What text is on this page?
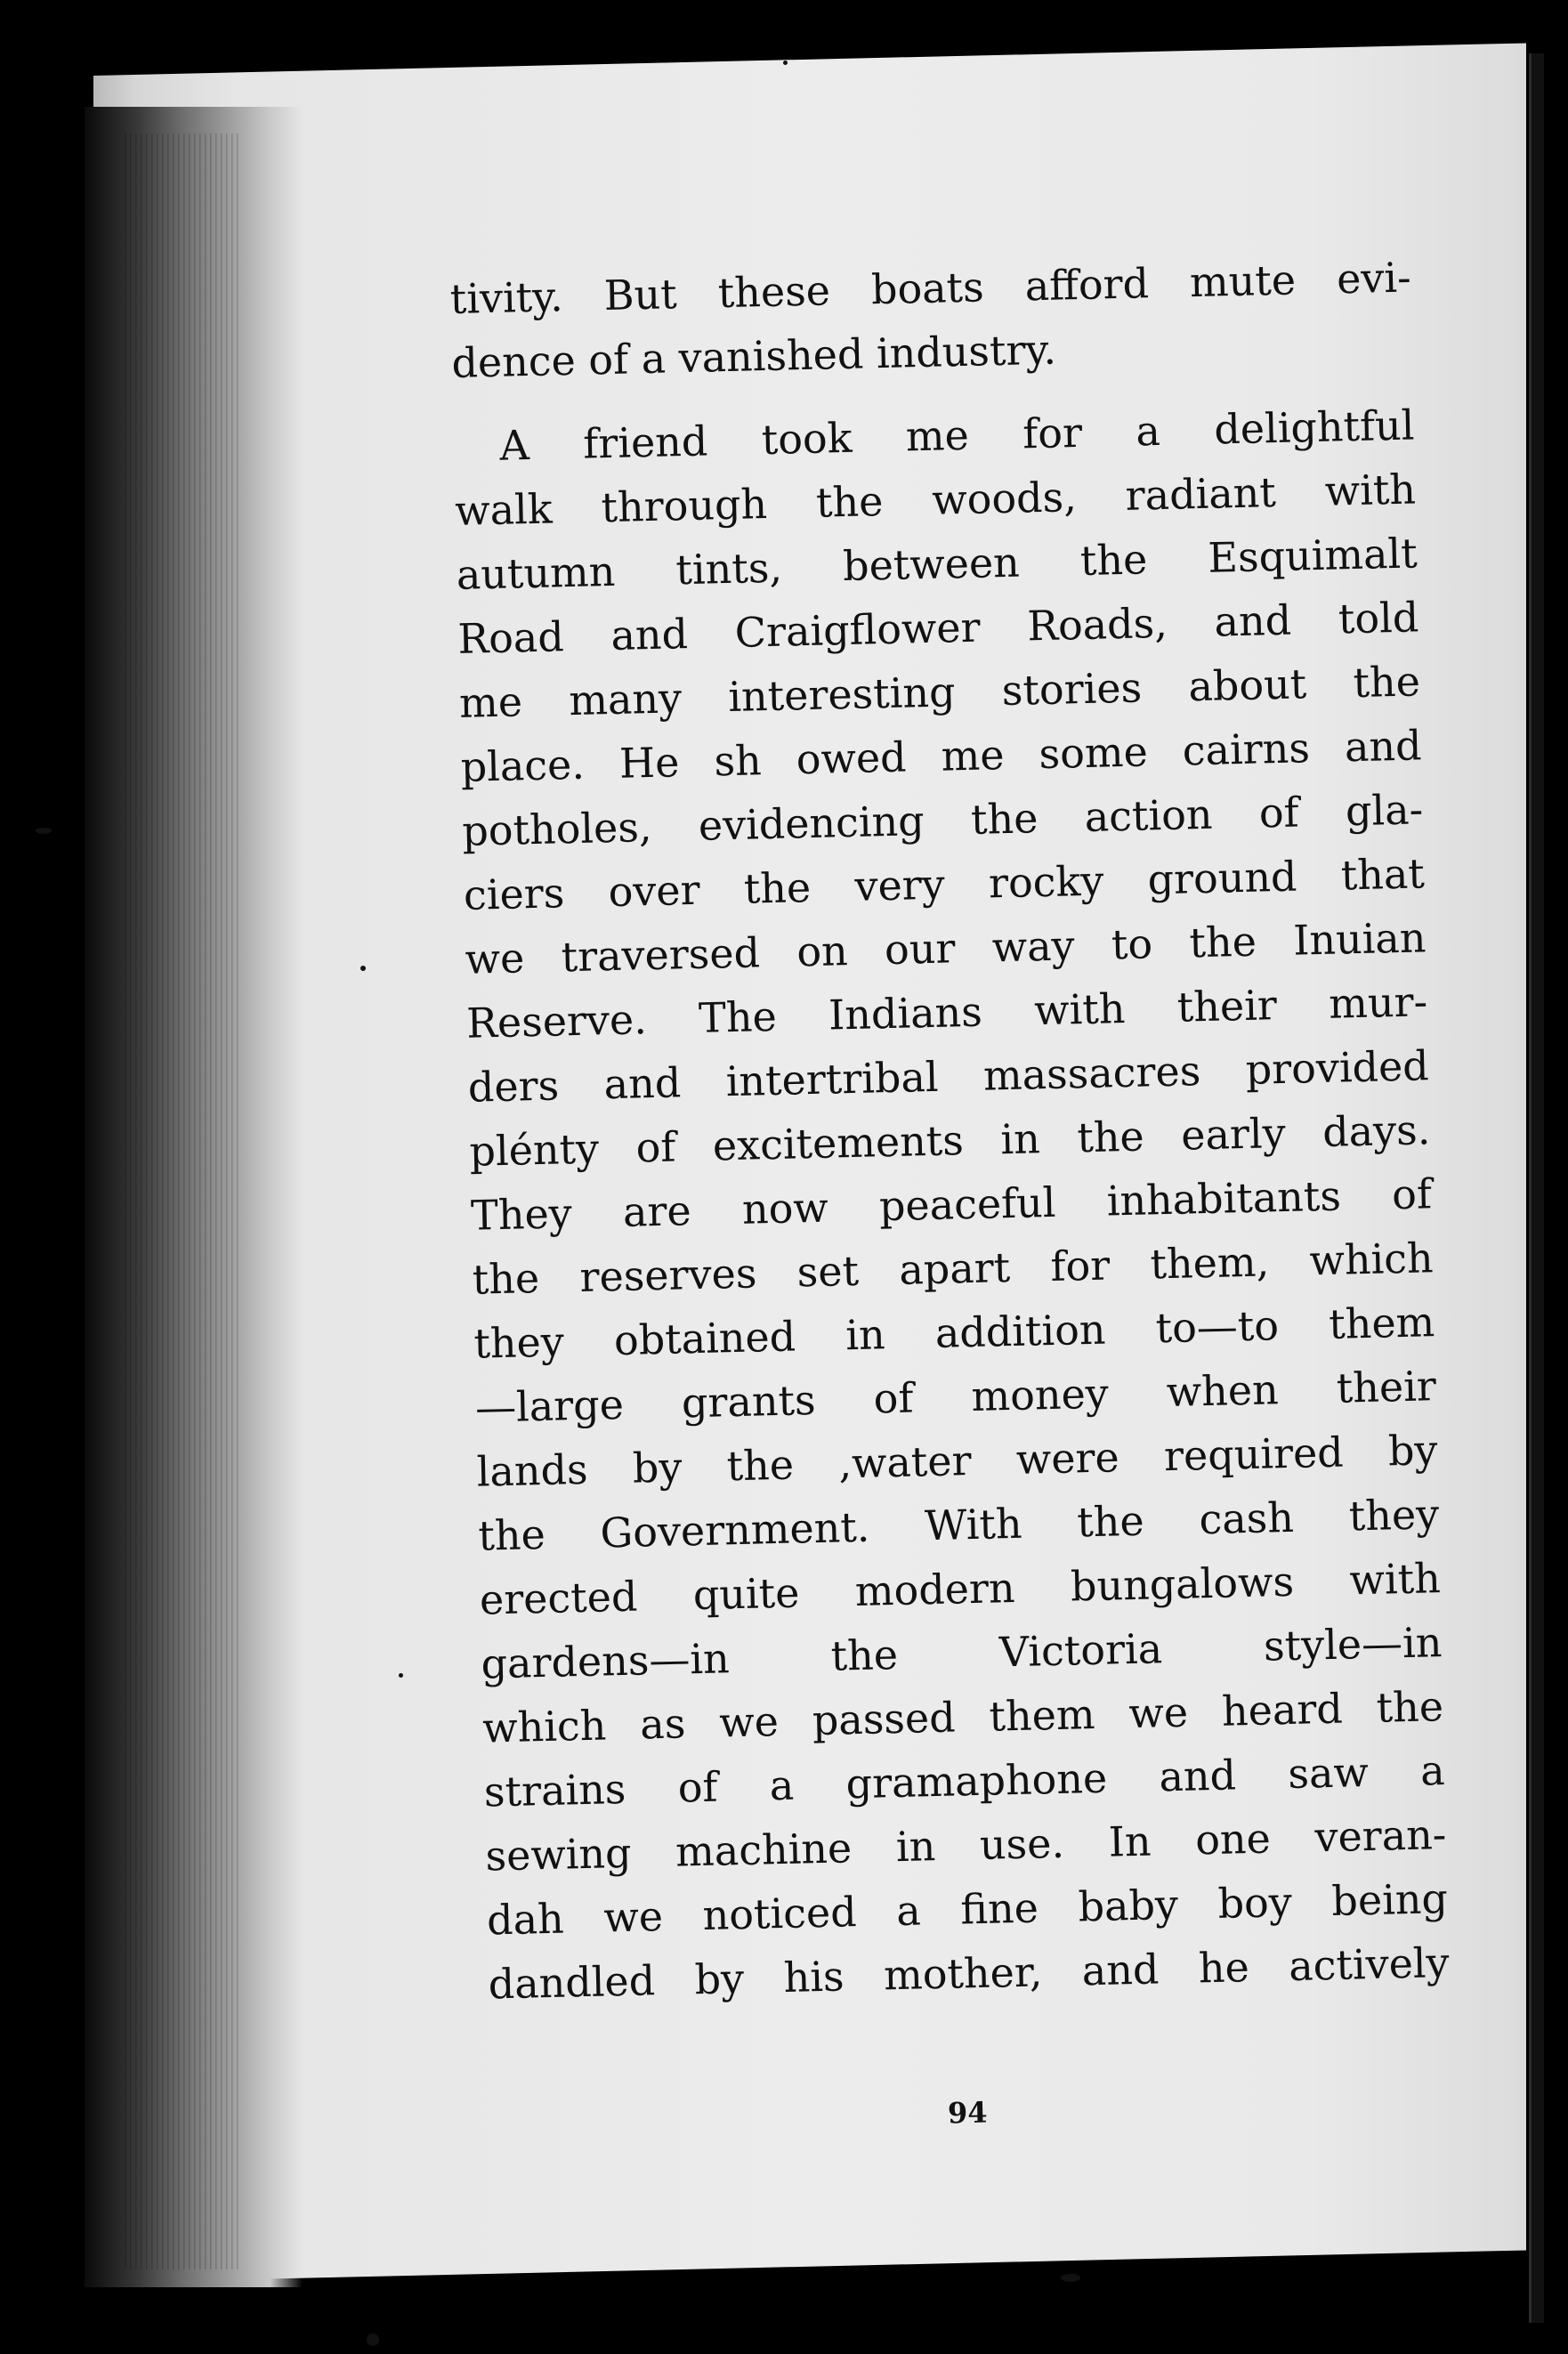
tivity. But these boats afford mute evi-
dence of a vanished industry.
A friend took me for a delightful
walk through the woods, radiant with
autumn tints, between the Esquimalt
Road and Craigflower Roads, and told
me many interesting stories about the
place. He sh owed me some cairns and
potholes, evidencing the action of gla-
ciers over the very rocky ground that
we traversed on our way to the Inuian
Reserve. The Indians with their mur-
ders and intertribal massacres provided
plénty of excitements in the early days.
They are now peaceful inhabitants of
the reserves set apart for them, which
they obtained in addition to—to them
—large grants of money when their
lands by the ,water were required by
the Government. With the cash they
erected quite modern bungalows with
gardens—in the Victoria style—in
which as we passed them we heard the
strains of a gramaphone and saw a
sewing machine in use. In one veran-
dah we noticed a fine baby boy being
dandled by his mother, and he actively
94
